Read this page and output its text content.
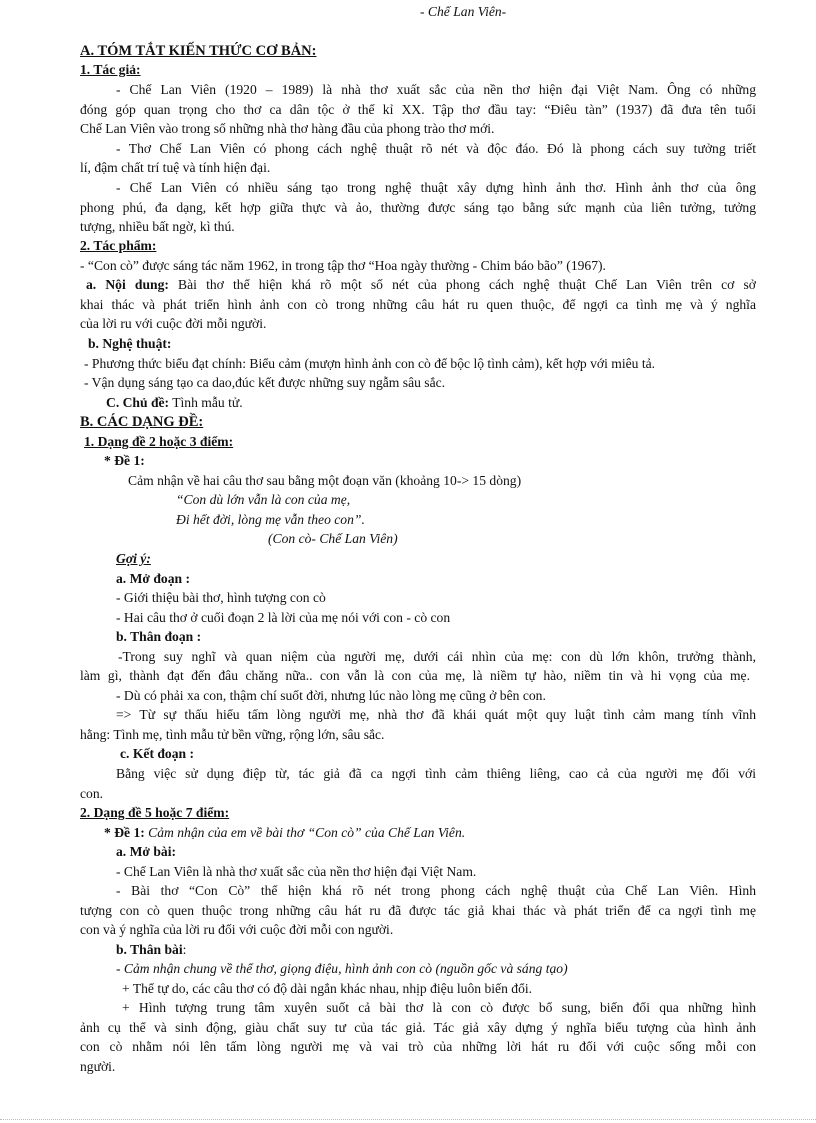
- Chế Lan Viên-
A. TÓM TẮT KIẾN THỨC CƠ BẢN:
1. Tác giả:
- Chế Lan Viên (1920 – 1989) là nhà thơ xuất sắc của nền thơ hiện đại Việt Nam. Ông có những
đóng góp quan trọng cho thơ ca dân tộc ở thế kỉ XX. Tập thơ đầu tay: “Điêu tàn” (1937) đã đưa tên tuổi
Chế Lan Viên vào trong số những nhà thơ hàng đầu của phong trào thơ mới.
- Thơ Chế Lan Viên có phong cách nghệ thuật rõ nét và độc đáo. Đó là phong cách suy tưởng triết
lí, đậm chất trí tuệ và tính hiện đại.
- Chế Lan Viên có nhiều sáng tạo trong nghệ thuật xây dựng hình ảnh thơ. Hình ảnh thơ của ông
phong phú, đa dạng, kết hợp giữa thực và ảo, thường được sáng tạo bằng sức mạnh của liên tưởng, tưởng
tượng, nhiều bất ngờ, kì thú.
2. Tác phẩm:
- “Con cò” được sáng tác năm 1962, in trong tập thơ “Hoa ngày thường - Chim báo bão” (1967).
a. Nội dung: Bài thơ thể hiện khá rõ một số nét của phong cách nghệ thuật Chế Lan Viên trên cơ sở
khai thác và phát triển hình ảnh con cò trong những câu hát ru quen thuộc, để ngợi ca tình mẹ và ý nghĩa
của lời ru với cuộc đời mỗi người.
b. Nghệ thuật:
- Phương thức biểu đạt chính: Biểu cảm (mượn hình ảnh con cò để bộc lộ tình cảm), kết hợp với miêu tả.
- Vận dụng sáng tạo ca dao,đúc kết được những suy ngẫm sâu sắc.
C. Chủ đề: Tình mẫu tử.
B. CÁC DẠNG ĐỀ:
1. Dạng đề 2 hoặc 3 điểm:
* Đề 1:
Cảm nhận về hai câu thơ sau bằng một đoạn văn (khoảng 10-> 15 dòng)
“Con dù lớn vẫn là con của mẹ,
Đi hết đời, lòng mẹ vẫn theo con”.
(Con cò- Chế Lan Viên)
Gợi ý:
a. Mở đoạn :
- Giới thiệu bài thơ, hình tượng con cò
- Hai câu thơ ở cuối đoạn 2 là lời của mẹ nói với con - cò con
b. Thân đoạn :
-Trong suy nghĩ và quan niệm của người mẹ, dưới cái nhìn của mẹ: con dù lớn khôn, trưởng thành,
làm gì, thành đạt đến đâu chăng nữa.. con vẫn là con của mẹ, là niềm tự hào, niềm tin và hi vọng của mẹ.
- Dù có phải xa con, thậm chí suốt đời, nhưng lúc nào lòng mẹ cũng ở bên con.
=> Từ sự thấu hiểu tấm lòng người mẹ, nhà thơ đã khái quát một quy luật tình cảm mang tính vĩnh
hằng: Tình mẹ, tình mẫu tử bền vững, rộng lớn, sâu sắc.
c. Kết đoạn :
Bằng việc sử dụng điệp từ, tác giả đã ca ngợi tình cảm thiêng liêng, cao cả của người mẹ đối với
con.
2. Dạng đề 5 hoặc 7 điểm:
* Đề 1: Cảm nhận của em về bài thơ “Con cò” của Chế Lan Viên.
a. Mở bài:
- Chế Lan Viên là nhà thơ xuất sắc của nền thơ hiện đại Việt Nam.
- Bài thơ “Con Cò” thể hiện khá rõ nét trong phong cách nghệ thuật của Chế Lan Viên. Hình
tượng con cò quen thuộc trong những câu hát ru đã được tác giả khai thác và phát triển để ca ngợi tình mẹ
con và ý nghĩa của lời ru đối với cuộc đời mỗi con người.
b. Thân bài:
- Cảm nhận chung về thể thơ, giọng điệu, hình ảnh con cò (nguồn gốc và sáng tạo)
+ Thể tự do, các câu thơ có độ dài ngắn khác nhau, nhịp điệu luôn biến đổi.
+ Hình tượng trung tâm xuyên suốt cả bài thơ là con cò được bổ sung, biến đổi qua những hình
ảnh cụ thể và sinh động, giàu chất suy tư của tác giả. Tác giả xây dựng ý nghĩa biểu tượng của hình ảnh
con cò nhằm nói lên tấm lòng người mẹ và vai trò của những lời hát ru đối với cuộc sống mỗi con
người.
